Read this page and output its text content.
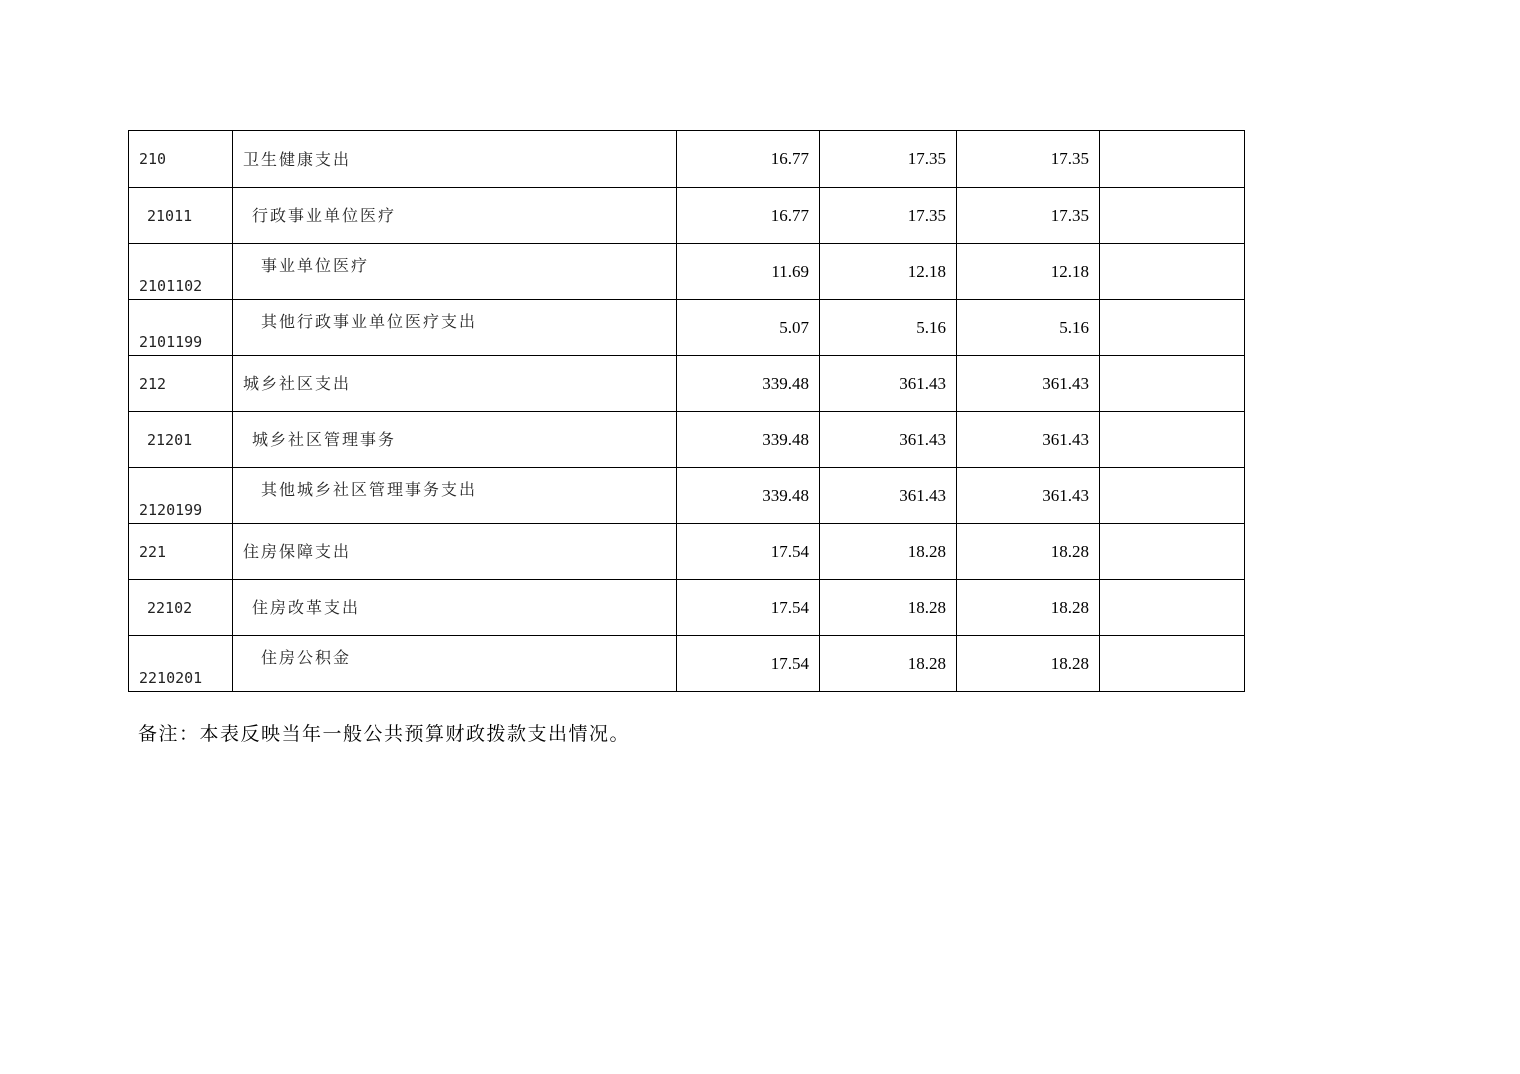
210	卫生健康支出	16.77	17.35	17.35	
21011	行政事业单位医疗	16.77	17.35	17.35	
2101102	事业单位医疗	11.69	12.18	12.18	
2101199	其他行政事业单位医疗支出	5.07	5.16	5.16	
212	城乡社区支出	339.48	361.43	361.43	
21201	城乡社区管理事务	339.48	361.43	361.43	
2120199	其他城乡社区管理事务支出	339.48	361.43	361.43	
221	住房保障支出	17.54	18.28	18.28	
22102	住房改革支出	17.54	18.28	18.28	
2210201	住房公积金	17.54	18.28	18.28	
备注：本表反映当年一般公共预算财政拨款支出情况。
